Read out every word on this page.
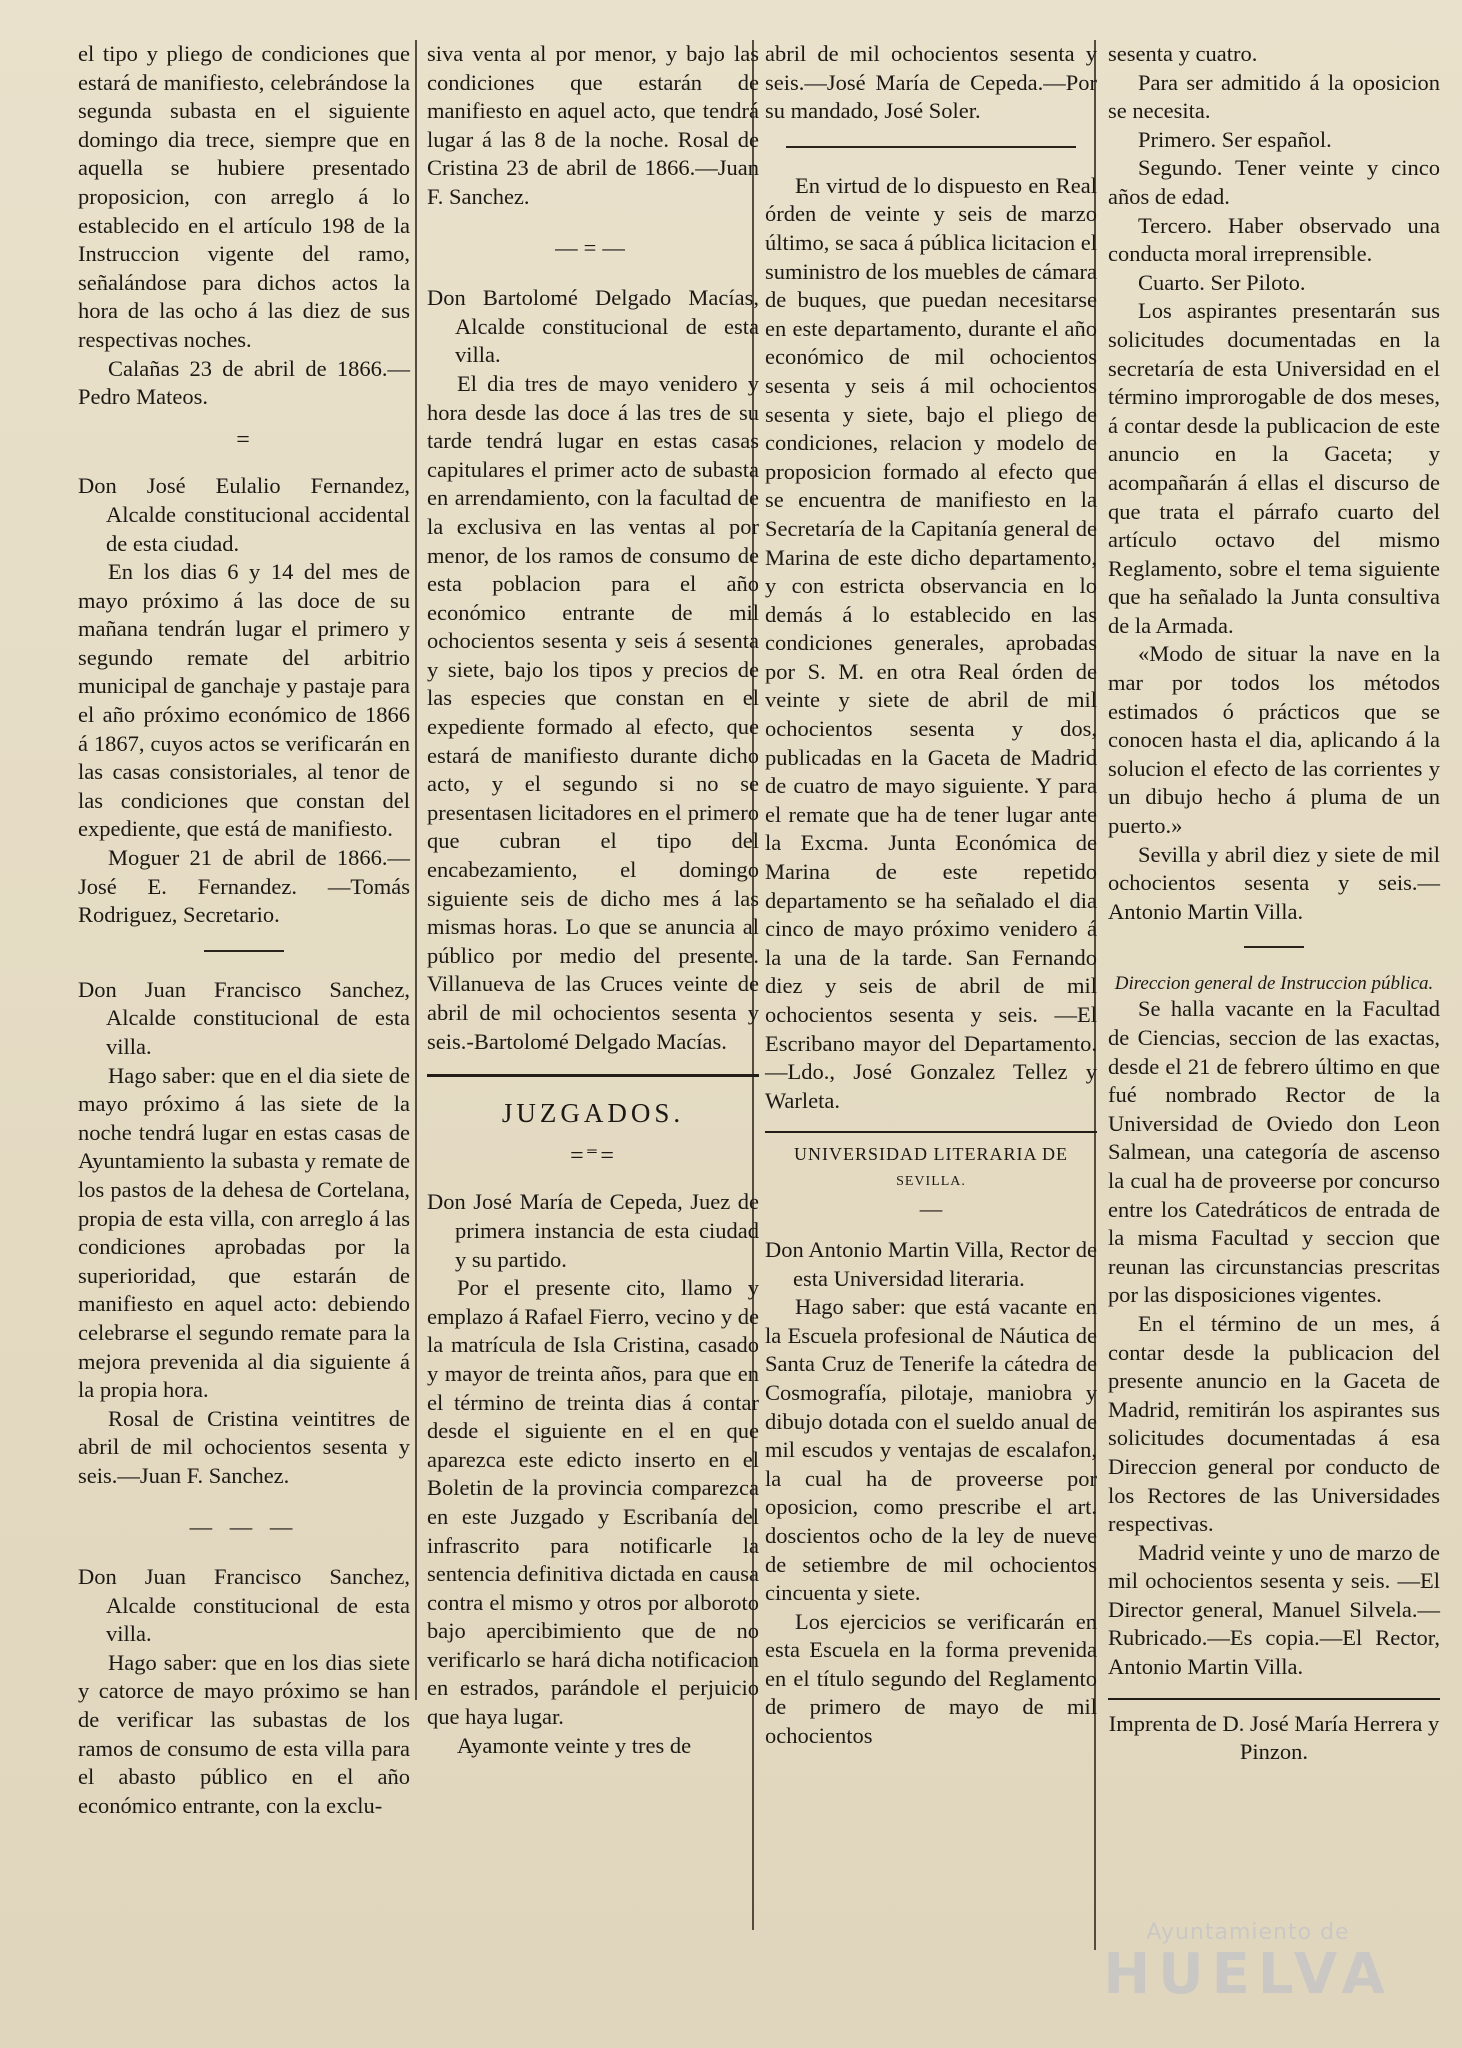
el tipo y pliego de condiciones que estará de manifiesto, celebrándose la segunda subasta en el siguiente domingo dia trece, siempre que en aquella se hubiere presentado proposicion, con arreglo á lo establecido en el artículo 198 de la Instruccion vigente del ramo, señalándose para dichos actos la hora de las ocho á las diez de sus respectivas noches.

Calañas 23 de abril de 1866.—Pedro Mateos.

=

Don José Eulalio Fernandez, Alcalde constitucional accidental de esta ciudad.

En los dias 6 y 14 del mes de mayo próximo á las doce de su mañana tendrán lugar el primero y segundo remate del arbitrio municipal de ganchaje y pastaje para el año próximo económico de 1866 á 1867, cuyos actos se verificarán en las casas consistoriales, al tenor de las condiciones que constan del expediente, que está de manifiesto.

Moguer 21 de abril de 1866.—José E. Fernandez. —Tomás Rodriguez, Secretario.

Don Juan Francisco Sanchez, Alcalde constitucional de esta villa.

Hago saber: que en el dia siete de mayo próximo á las siete de la noche tendrá lugar en estas casas de Ayuntamiento la subasta y remate de los pastos de la dehesa de Cortelana, propia de esta villa, con arreglo á las condiciones aprobadas por la superioridad, que estarán de manifiesto en aquel acto: debiendo celebrarse el segundo remate para la mejora prevenida al dia siguiente á la propia hora.

Rosal de Cristina veintitres de abril de mil ochocientos sesenta y seis.—Juan F. Sanchez.

— — —

Don Juan Francisco Sanchez, Alcalde constitucional de esta villa.

Hago saber: que en los dias siete y catorce de mayo próximo se han de verificar las subastas de los ramos de consumo de esta villa para el abasto público en el año económico entrante, con la exclu-

siva venta al por menor, y bajo las condiciones que estarán de manifiesto en aquel acto, que tendrá lugar á las 8 de la noche. Rosal de Cristina 23 de abril de 1866.—Juan F. Sanchez.

—=—

Don Bartolomé Delgado Macías, Alcalde constitucional de esta villa.

El dia tres de mayo venidero y hora desde las doce á las tres de su tarde tendrá lugar en estas casas capitulares el primer acto de subasta en arrendamiento, con la facultad de la exclusiva en las ventas al por menor, de los ramos de consumo de esta poblacion para el año económico entrante de mil ochocientos sesenta y seis á sesenta y siete, bajo los tipos y precios de las especies que constan en el expediente formado al efecto, que estará de manifiesto durante dicho acto, y el segundo si no se presentasen licitadores en el primero que cubran el tipo del encabezamiento, el domingo siguiente seis de dicho mes á las mismas horas. Lo que se anuncia al público por medio del presente. Villanueva de las Cruces veinte de abril de mil ochocientos sesenta y seis.-Bartolomé Delgado Macías.

JUZGADOS.
=⁼=

Don José María de Cepeda, Juez de primera instancia de esta ciudad y su partido.

Por el presente cito, llamo y emplazo á Rafael Fierro, vecino y de la matrícula de Isla Cristina, casado y mayor de treinta años, para que en el término de treinta dias á contar desde el siguiente en el en que aparezca este edicto inserto en el Boletin de la provincia comparezca en este Juzgado y Escribanía del infrascrito para notificarle la sentencia definitiva dictada en causa contra el mismo y otros por alboroto bajo apercibimiento que de no verificarlo se hará dicha notificacion en estrados, parándole el perjuicio que haya lugar.

Ayamonte veinte y tres de

abril de mil ochocientos sesenta y seis.—José María de Cepeda.—Por su mandado, José Soler.

En virtud de lo dispuesto en Real órden de veinte y seis de marzo último, se saca á pública licitacion el suministro de los muebles de cámara de buques, que puedan necesitarse en este departamento, durante el año económico de mil ochocientos sesenta y seis á mil ochocientos sesenta y siete, bajo el pliego de condiciones, relacion y modelo de proposicion formado al efecto que se encuentra de manifiesto en la Secretaría de la Capitanía general de Marina de este dicho departamento, y con estricta observancia en lo demás á lo establecido en las condiciones generales, aprobadas por S. M. en otra Real órden de veinte y siete de abril de mil ochocientos sesenta y dos, publicadas en la Gaceta de Madrid de cuatro de mayo siguiente. Y para el remate que ha de tener lugar ante la Excma. Junta Económica de Marina de este repetido departamento se ha señalado el dia cinco de mayo próximo venidero á la una de la tarde. San Fernando diez y seis de abril de mil ochocientos sesenta y seis. —El Escribano mayor del Departamento.—Ldo., José Gonzalez Tellez y Warleta.

UNIVERSIDAD LITERARIA DE
SEVILLA.
—

Don Antonio Martin Villa, Rector de esta Universidad literaria.

Hago saber: que está vacante en la Escuela profesional de Náutica de Santa Cruz de Tenerife la cátedra de Cosmografía, pilotaje, maniobra y dibujo dotada con el sueldo anual de mil escudos y ventajas de escalafon, la cual ha de proveerse por oposicion, como prescribe el art. doscientos ocho de la ley de nueve de setiembre de mil ochocientos cincuenta y siete.

Los ejercicios se verificarán en esta Escuela en la forma prevenida en el título segundo del Reglamento de primero de mayo de mil ochocientos

sesenta y cuatro.

Para ser admitido á la oposicion se necesita.

Primero. Ser español.

Segundo. Tener veinte y cinco años de edad.

Tercero. Haber observado una conducta moral irreprensible.

Cuarto. Ser Piloto.

Los aspirantes presentarán sus solicitudes documentadas en la secretaría de esta Universidad en el término improrogable de dos meses, á contar desde la publicacion de este anuncio en la Gaceta; y acompañarán á ellas el discurso de que trata el párrafo cuarto del artículo octavo del mismo Reglamento, sobre el tema siguiente que ha señalado la Junta consultiva de la Armada.

«Modo de situar la nave en la mar por todos los métodos estimados ó prácticos que se conocen hasta el dia, aplicando á la solucion el efecto de las corrientes y un dibujo hecho á pluma de un puerto.»

Sevilla y abril diez y siete de mil ochocientos sesenta y seis.—Antonio Martin Villa.

Direccion general de Instruccion pública.

Se halla vacante en la Facultad de Ciencias, seccion de las exactas, desde el 21 de febrero último en que fué nombrado Rector de la Universidad de Oviedo don Leon Salmean, una categoría de ascenso la cual ha de proveerse por concurso entre los Catedráticos de entrada de la misma Facultad y seccion que reunan las circunstancias prescritas por las disposiciones vigentes.

En el término de un mes, á contar desde la publicacion del presente anuncio en la Gaceta de Madrid, remitirán los aspirantes sus solicitudes documentadas á esa Direccion general por conducto de los Rectores de las Universidades respectivas.

Madrid veinte y uno de marzo de mil ochocientos sesenta y seis. —El Director general, Manuel Silvela.—Rubricado.—Es copia.—El Rector, Antonio Martin Villa.

Imprenta de D. José María Herrera y Pinzon.

Ayuntamiento de
HUELVA
